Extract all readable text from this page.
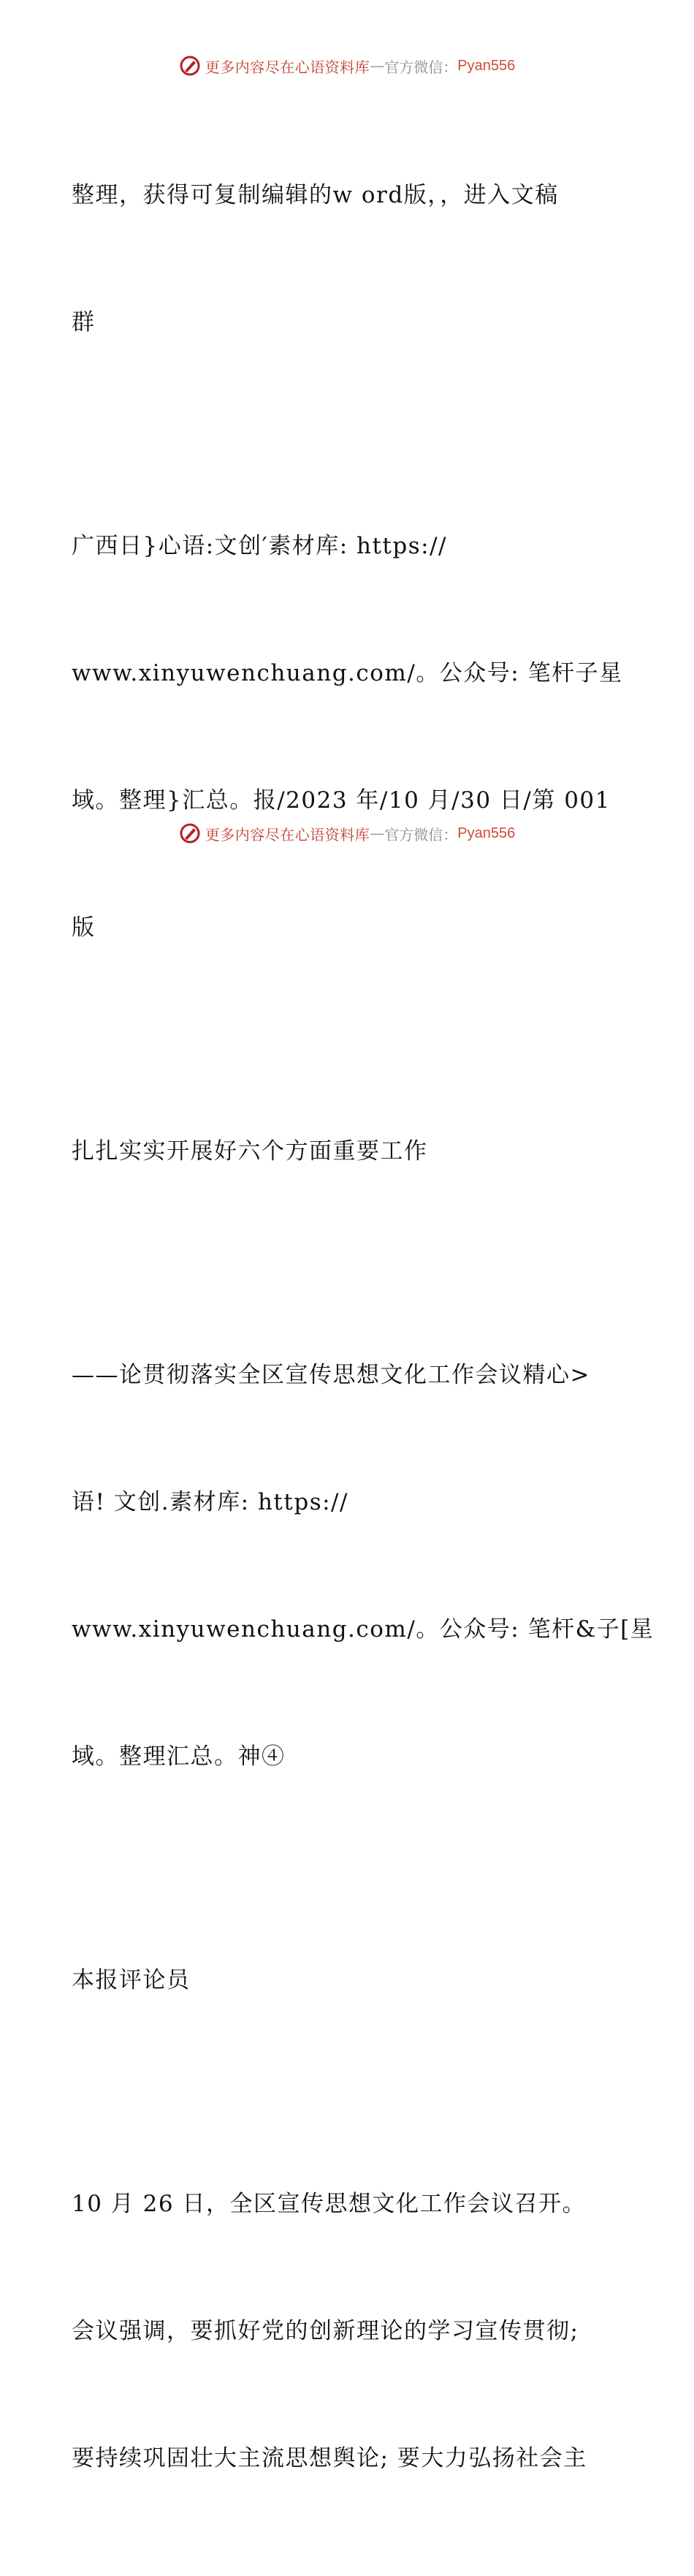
更多内容尽在心语资料库 — 官方微信： Pyan556

整理，获得可复制编辑的w ord版，，进入文稿

群

广西日}心语:文创′素材库: https://

www.xinyuwenchuang.com/。公众号: 笔杆子星

域。整理}汇总。报/2023 年/10 月/30 日/第 001

版

扎扎实实开展好六个方面重要工作

——论贯彻落实全区宣传思想文化工作会议精心>

语! 文创.素材库: https://

www.xinyuwenchuang.com/。公众号: 笔杆&子[星

域。整理汇总。神④

本报评论员

10 月 26 日，全区宣传思想文化工作会议召开。

会议强调，要抓好党的创新理论的学习宣传贯彻;

要持续巩固壮大主流思想舆论; 要大力弘扬社会主

更多内容尽在心语资料库 — 官方微信： Pyan556
